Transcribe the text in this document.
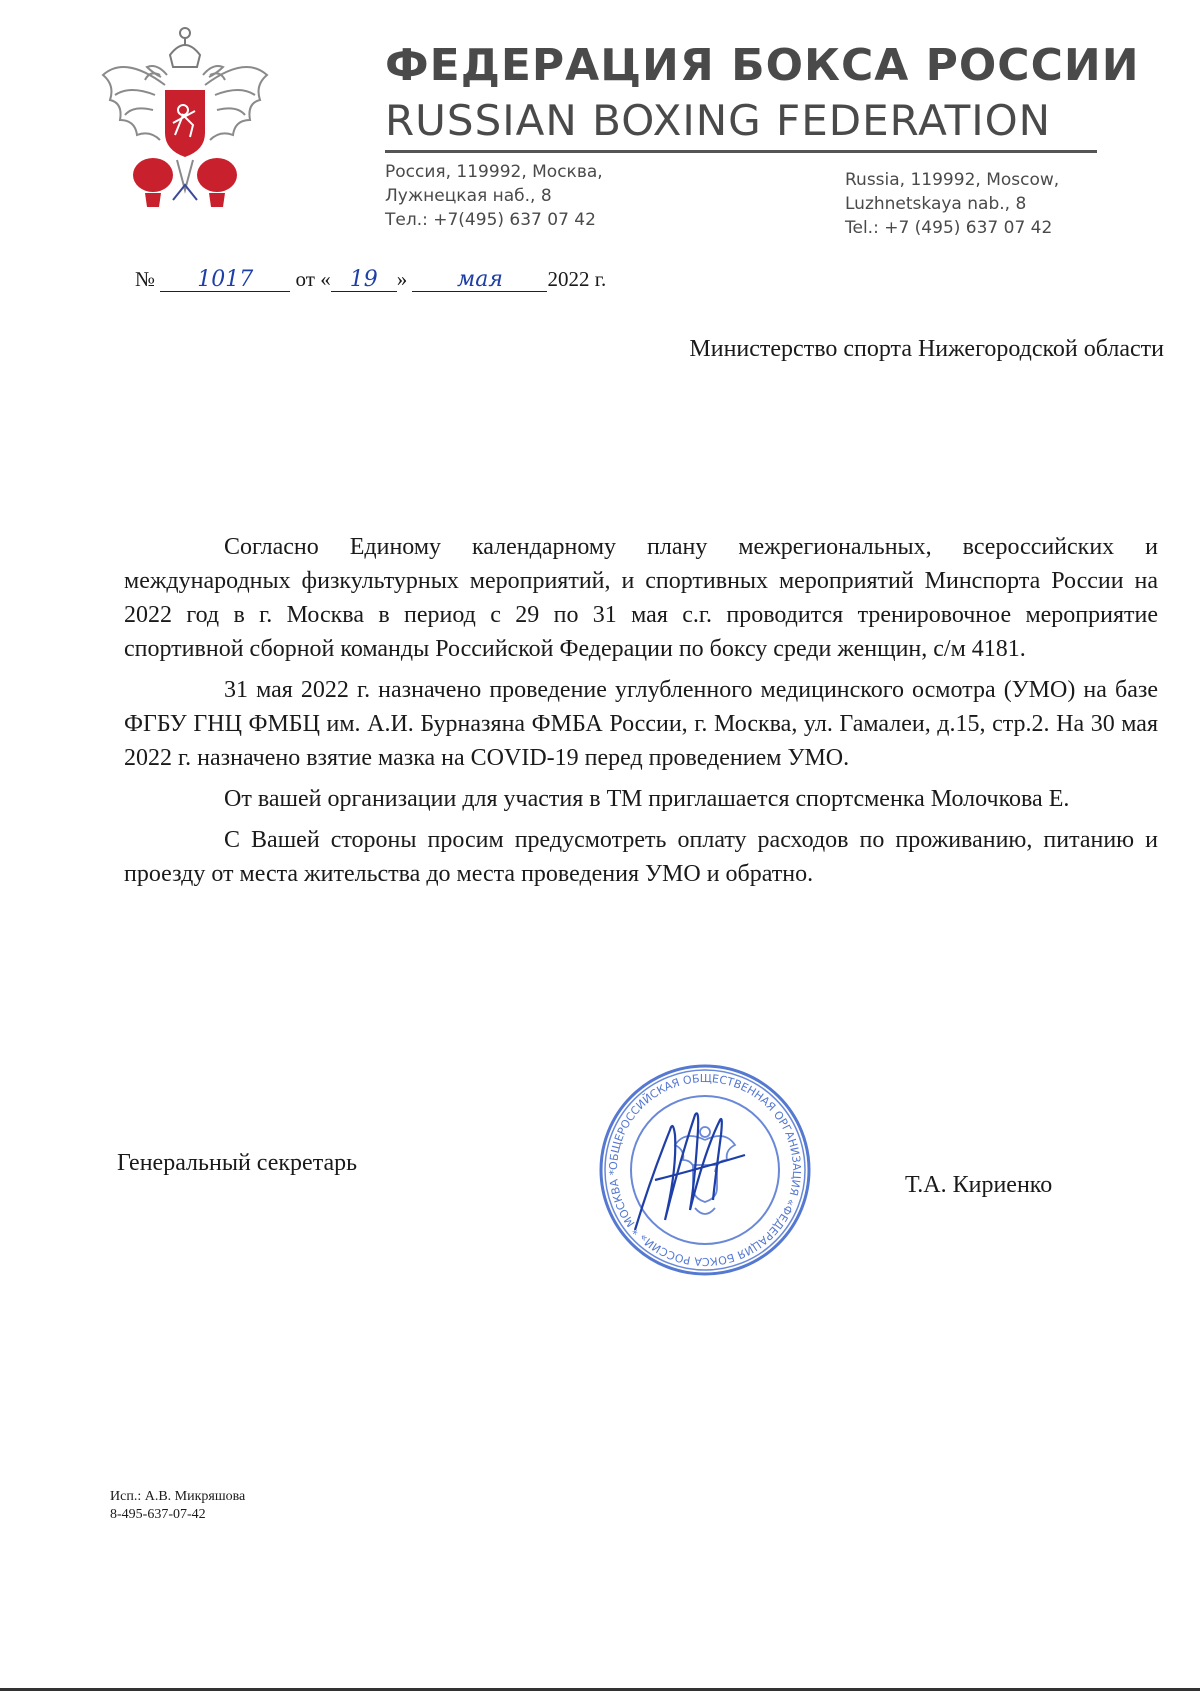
ФЕДЕРАЦИЯ БОКСА РОССИИ
RUSSIAN BOXING FEDERATION
Россия, 119992, Москва,
Лужнецкая наб., 8
Тел.: +7(495) 637 07 42
Russia, 119992, Moscow,
Luzhnetskaya nab., 8
Tel.: +7 (495) 637 07 42
№ 1017 от « 19 » мая 2022 г.
Министерство спорта Нижегородской области

Согласно Единому календарному плану межрегиональных, всероссийских и международных физкультурных мероприятий, и спортивных мероприятий Минспорта России на 2022 год в г. Москва в период с 29 по 31 мая с.г. проводится тренировочное мероприятие спортивной сборной команды Российской Федерации по боксу среди женщин, с/м 4181.

31 мая 2022 г. назначено проведение углубленного медицинского осмотра (УМО) на базе ФГБУ ГНЦ ФМБЦ им. А.И. Бурназяна ФМБА России, г. Москва, ул. Гамалеи, д.15, стр.2. На 30 мая 2022 г. назначено взятие мазка на COVID-19 перед проведением УМО.

От вашей организации для участия в ТМ приглашается спортсменка Молочкова Е.

С Вашей стороны просим предусмотреть оплату расходов по проживанию, питанию и проезду от места жительства до места проведения УМО и обратно.

Генеральный секретарь	ОБЩЕРОССИЙСКАЯ ОБЩЕСТВЕННАЯ ОРГАНИЗАЦИЯ «ФЕДЕРАЦИЯ БОКСА РОССИИ» * МОСКВА *	Т.А. Кириенко
Исп.: А.В. Микряшова
8-495-637-07-42
